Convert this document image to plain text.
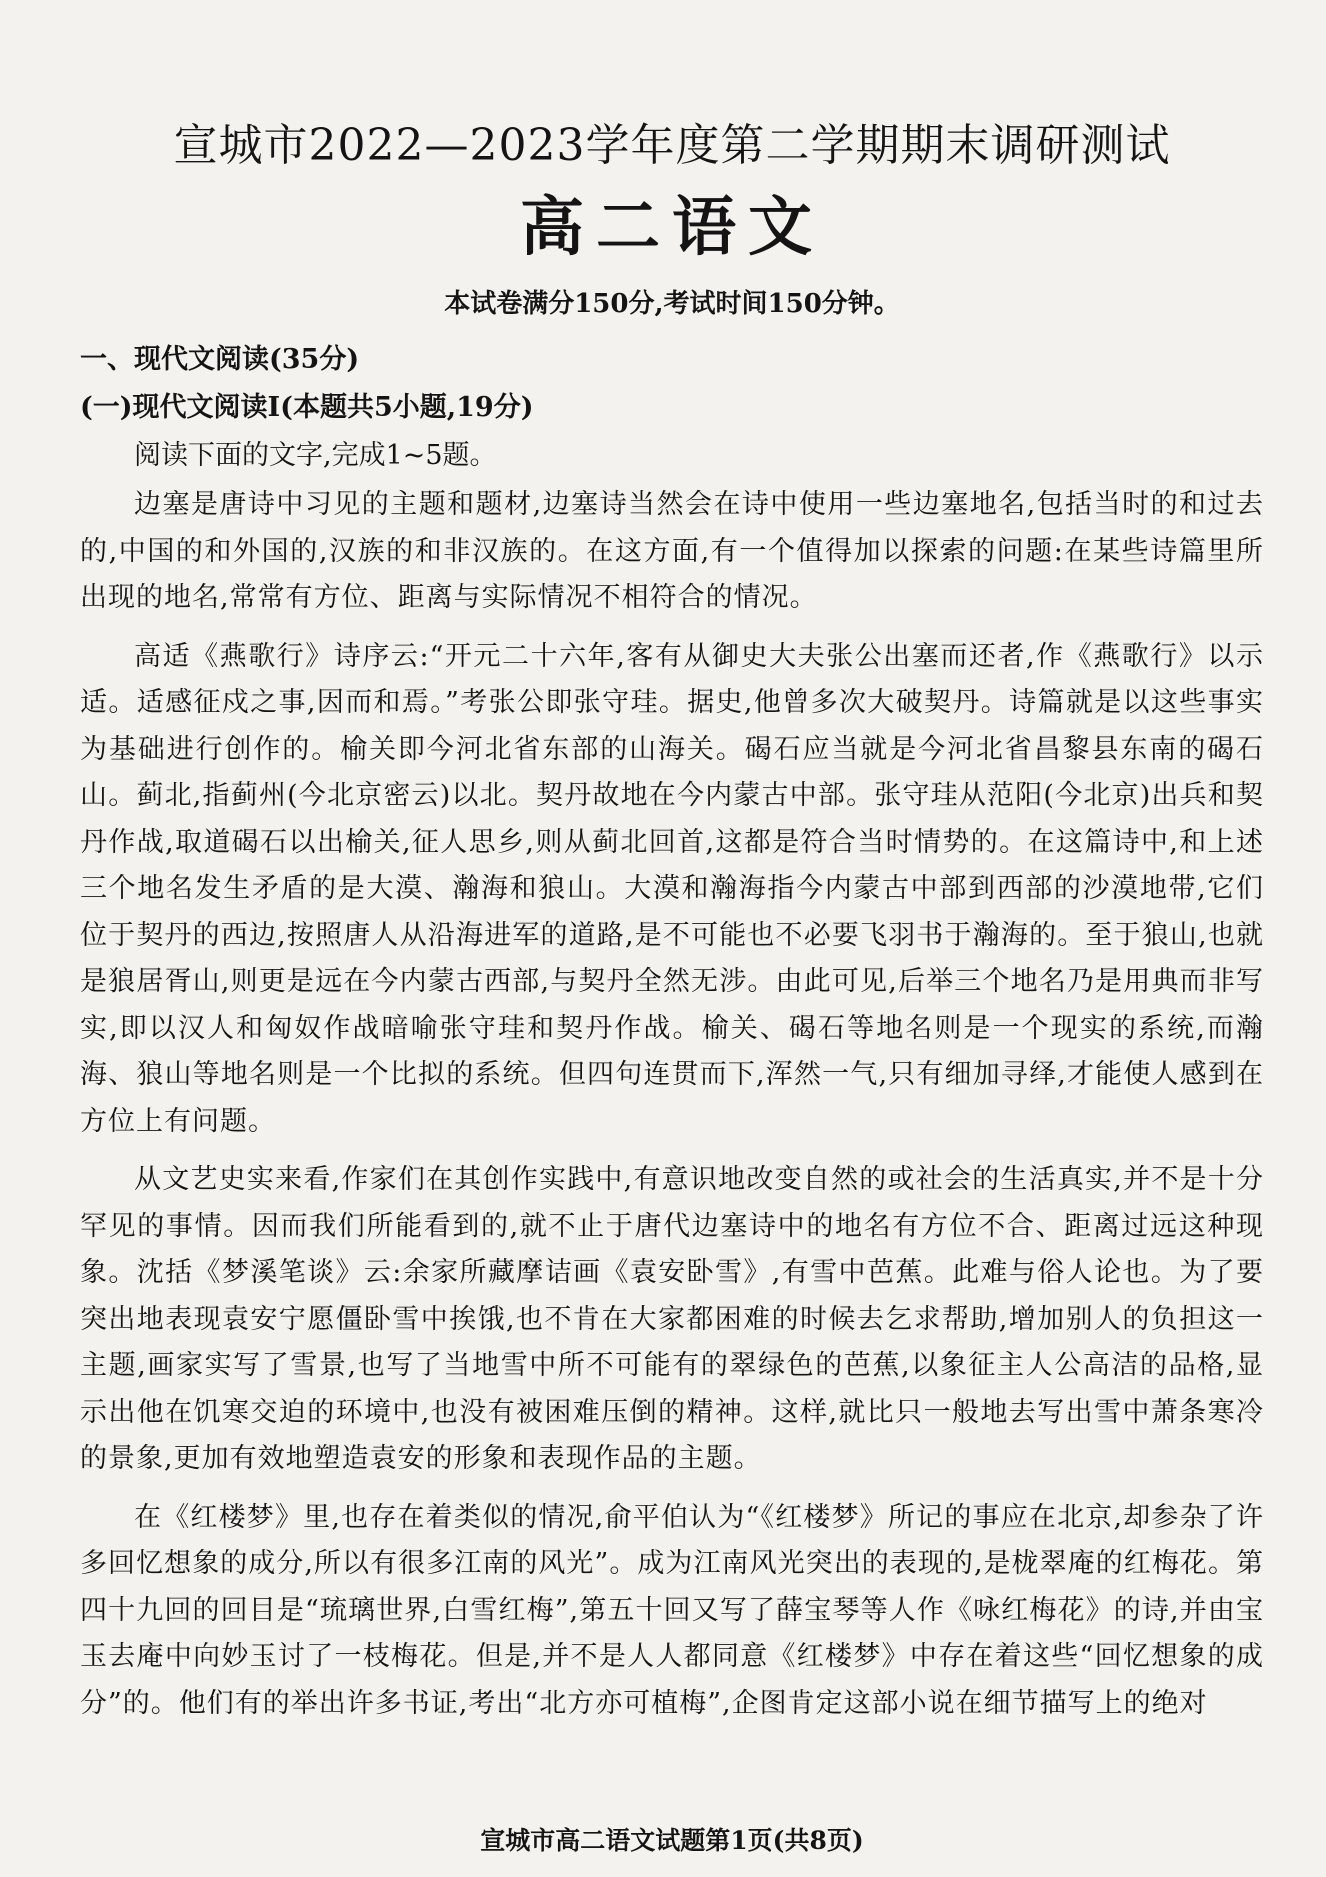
宣城市2022—2023学年度第二学期期末调研测试
高二语文
本试卷满分150分,考试时间150分钟。
一、现代文阅读(35分)
(一)现代文阅读Ⅰ(本题共5小题,19分)
阅读下面的文字,完成1~5题。

边塞是唐诗中习见的主题和题材,边塞诗当然会在诗中使用一些边塞地名,包括当时的和过去的,中国的和外国的,汉族的和非汉族的。在这方面,有一个值得加以探索的问题:在某些诗篇里所出现的地名,常常有方位、距离与实际情况不相符合的情况。

高适《燕歌行》诗序云:“开元二十六年,客有从御史大夫张公出塞而还者,作《燕歌行》以示适。适感征戍之事,因而和焉。”考张公即张守珪。据史,他曾多次大破契丹。诗篇就是以这些事实为基础进行创作的。榆关即今河北省东部的山海关。碣石应当就是今河北省昌黎县东南的碣石山。蓟北,指蓟州(今北京密云)以北。契丹故地在今内蒙古中部。张守珪从范阳(今北京)出兵和契丹作战,取道碣石以出榆关,征人思乡,则从蓟北回首,这都是符合当时情势的。在这篇诗中,和上述三个地名发生矛盾的是大漠、瀚海和狼山。大漠和瀚海指今内蒙古中部到西部的沙漠地带,它们位于契丹的西边,按照唐人从沿海进军的道路,是不可能也不必要飞羽书于瀚海的。至于狼山,也就是狼居胥山,则更是远在今内蒙古西部,与契丹全然无涉。由此可见,后举三个地名乃是用典而非写实,即以汉人和匈奴作战暗喻张守珪和契丹作战。榆关、碣石等地名则是一个现实的系统,而瀚海、狼山等地名则是一个比拟的系统。但四句连贯而下,浑然一气,只有细加寻绎,才能使人感到在方位上有问题。

从文艺史实来看,作家们在其创作实践中,有意识地改变自然的或社会的生活真实,并不是十分罕见的事情。因而我们所能看到的,就不止于唐代边塞诗中的地名有方位不合、距离过远这种现象。沈括《梦溪笔谈》云:余家所藏摩诘画《袁安卧雪》,有雪中芭蕉。此难与俗人论也。为了要突出地表现袁安宁愿僵卧雪中挨饿,也不肯在大家都困难的时候去乞求帮助,增加别人的负担这一主题,画家实写了雪景,也写了当地雪中所不可能有的翠绿色的芭蕉,以象征主人公高洁的品格,显示出他在饥寒交迫的环境中,也没有被困难压倒的精神。这样,就比只一般地去写出雪中萧条寒冷的景象,更加有效地塑造袁安的形象和表现作品的主题。

在《红楼梦》里,也存在着类似的情况,俞平伯认为“《红楼梦》所记的事应在北京,却参杂了许多回忆想象的成分,所以有很多江南的风光”。成为江南风光突出的表现的,是栊翠庵的红梅花。第四十九回的回目是“琉璃世界,白雪红梅”,第五十回又写了薛宝琴等人作《咏红梅花》的诗,并由宝玉去庵中向妙玉讨了一枝梅花。但是,并不是人人都同意《红楼梦》中存在着这些“回忆想象的成分”的。他们有的举出许多书证,考出“北方亦可植梅”,企图肯定这部小说在细节描写上的绝对

宣城市高二语文试题第1页(共8页)
